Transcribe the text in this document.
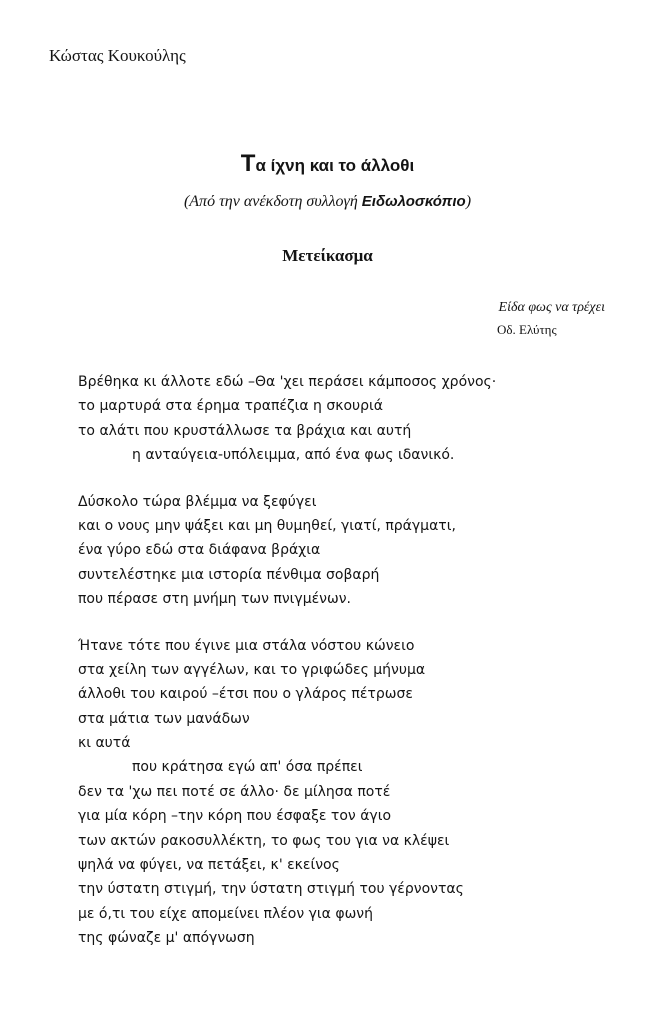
Κώστας Κουκούλης
Τα ίχνη και το άλλοθι
(Από την ανέκδοτη συλλογή Ειδωλοσκόπιο)
Μετείκασμα
Είδα φως να τρέχει
Οδ. Ελύτης
Βρέθηκα κι άλλοτε εδώ –Θα 'χει περάσει κάμποσος χρόνος·
το μαρτυρά στα έρημα τραπέζια η σκουριά
το αλάτι που κρυστάλλωσε τα βράχια και αυτή
η ανταύγεια-υπόλειμμα, από ένα φως ιδανικό.
Δύσκολο τώρα βλέμμα να ξεφύγει
και ο νους μην ψάξει και μη θυμηθεί, γιατί, πράγματι,
ένα γύρο εδώ στα διάφανα βράχια
συντελέστηκε μια ιστορία πένθιμα σοβαρή
που πέρασε στη μνήμη των πνιγμένων.
Ήτανε τότε που έγινε μια στάλα νόστου κώνειο
στα χείλη των αγγέλων, και το γριφώδες μήνυμα
άλλοθι του καιρού –έτσι που ο γλάρος πέτρωσε
στα μάτια των μανάδων
κι αυτά
που κράτησα εγώ απ' όσα πρέπει
δεν τα 'χω πει ποτέ σε άλλο· δε μίλησα ποτέ
για μία κόρη –την κόρη που έσφαξε τον άγιο
των ακτών ρακοσυλλέκτη, το φως του για να κλέψει
ψηλά να φύγει, να πετάξει, κ' εκείνος
την ύστατη στιγμή, την ύστατη στιγμή του γέρνοντας
με ό,τι του είχε απομείνει πλέον για φωνή
της φώναζε μ' απόγνωση
